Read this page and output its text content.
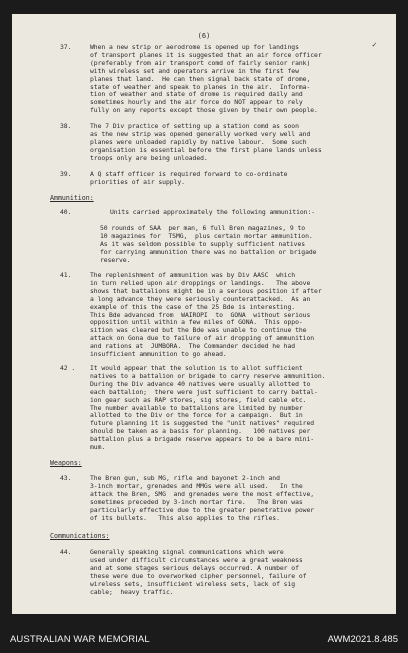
(6)
✓
37.	When a new strip or aerodrome is opened up for landings
of transport planes it is suggested that an air force officer
(preferably from air transport comd of fairly senior rank)
with wireless set and operators arrive in the first few
planes that land.  He can then signal back state of drome,
state of weather and speak to planes in the air.  Informa-
tion of weather and state of drome is required daily and
sometimes hourly and the air force do NOT appear to rely
fully on any reports except those given by their own people.
38.	The 7 Div practice of setting up a station comd as soon
as the new strip was opened generally worked very well and
planes were unloaded rapidly by native labour.  Some such
organisation is essential before the first plane lands unless
troops only are being unloaded.
39.	A Q staff officer is required forward to co-ordinate
priorities of air supply.
Ammunition:
40.	Units carried approximately the following ammunition:-
50 rounds of SAA  per man, 6 full Bren magazines, 9 to
10 magazines for  TSMG,  plus certain mortar ammunition.
As it was seldom possible to supply sufficient natives
for carrying ammunition there was no battalion or brigade
reserve.
41.	The replenishment of ammunition was by Div AASC  which
in turn relied upon air droppings or landings.   The above
shows that battalions might be in a serious position if after
a long advance they were seriously counterattacked.  As an
example of this the case of the 25 Bde is interesting.
This Bde advanced from  WAIROPI  to  GONA  without serious
opposition until within a few miles of GONA.  This oppo-
sition was cleared but the Bde was unable to continue the
attack on Gona due to failure of air dropping of ammunition
and rations at  JUMBORA.  The Commander decided he had
insufficient ammunition to go ahead.
42 . It would appear that the solution is to allot sufficient
natives to a battalion or brigade to carry reserve ammunition.
During the Div advance 40 natives were usually allotted to
each battalion;  there were just sufficient to carry battal-
ion gear such as RAP stores, sig stores, field cable etc.
The number available to battalions are limited by number
allotted to the Div or the force for a campaign.  But in
future planning it is suggested the "unit natives" required
should be taken as a basis for planning.   100 natives per
battalion plus a brigade reserve appears to be a bare mini-
mum.
Weapons:
43.	The Bren gun, sub MG, rifle and bayonet 2-inch and
3-inch mortar, grenades and MMGs were all used.   In the
attack the Bren, SMG  and grenades were the most effective,
sometimes preceded by 3-inch mortar fire.   The Bren was
particularly effective due to the greater penetrative power
of its bullets.   This also applies to the rifles.
Communications:
44.	Generally speaking signal communications which were
used under difficult circumstances were a great weakness
and at some stages serious delays occurred. A number of
these were due to overworked cipher personnel, failure of
wireless sets, insufficient wireless sets, lack of sig
cable;  heavy traffic.
AUSTRALIAN WAR MEMORIAL	AWM2021.8.485
